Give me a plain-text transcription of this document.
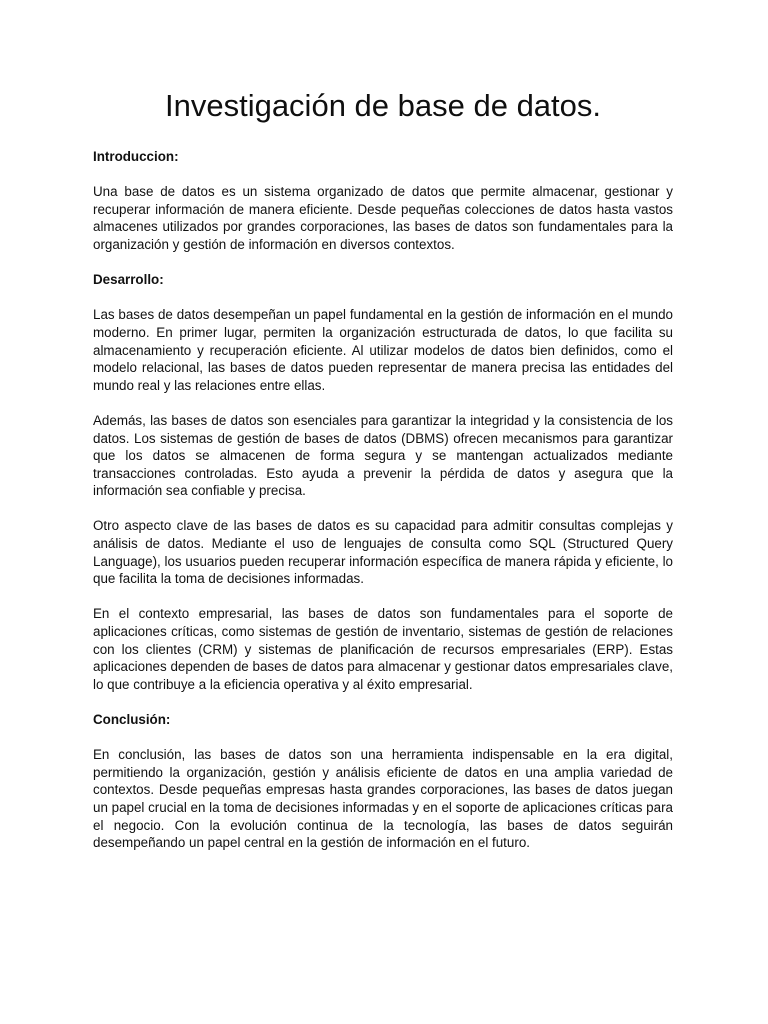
Investigación de base de datos.

Introduccion:

Una base de datos es un sistema organizado de datos que permite almacenar, gestionar y recuperar información de manera eficiente. Desde pequeñas colecciones de datos hasta vastos almacenes utilizados por grandes corporaciones, las bases de datos son fundamentales para la organización y gestión de información en diversos contextos.

Desarrollo:

Las bases de datos desempeñan un papel fundamental en la gestión de información en el mundo moderno. En primer lugar, permiten la organización estructurada de datos, lo que facilita su almacenamiento y recuperación eficiente. Al utilizar modelos de datos bien definidos, como el modelo relacional, las bases de datos pueden representar de manera precisa las entidades del mundo real y las relaciones entre ellas.

Además, las bases de datos son esenciales para garantizar la integridad y la consistencia de los datos. Los sistemas de gestión de bases de datos (DBMS) ofrecen mecanismos para garantizar que los datos se almacenen de forma segura y se mantengan actualizados mediante transacciones controladas. Esto ayuda a prevenir la pérdida de datos y asegura que la información sea confiable y precisa.

Otro aspecto clave de las bases de datos es su capacidad para admitir consultas complejas y análisis de datos. Mediante el uso de lenguajes de consulta como SQL (Structured Query Language), los usuarios pueden recuperar información específica de manera rápida y eficiente, lo que facilita la toma de decisiones informadas.

En el contexto empresarial, las bases de datos son fundamentales para el soporte de aplicaciones críticas, como sistemas de gestión de inventario, sistemas de gestión de relaciones con los clientes (CRM) y sistemas de planificación de recursos empresariales (ERP). Estas aplicaciones dependen de bases de datos para almacenar y gestionar datos empresariales clave, lo que contribuye a la eficiencia operativa y al éxito empresarial.

Conclusión:

En conclusión, las bases de datos son una herramienta indispensable en la era digital, permitiendo la organización, gestión y análisis eficiente de datos en una amplia variedad de contextos. Desde pequeñas empresas hasta grandes corporaciones, las bases de datos juegan un papel crucial en la toma de decisiones informadas y en el soporte de aplicaciones críticas para el negocio. Con la evolución continua de la tecnología, las bases de datos seguirán desempeñando un papel central en la gestión de información en el futuro.
